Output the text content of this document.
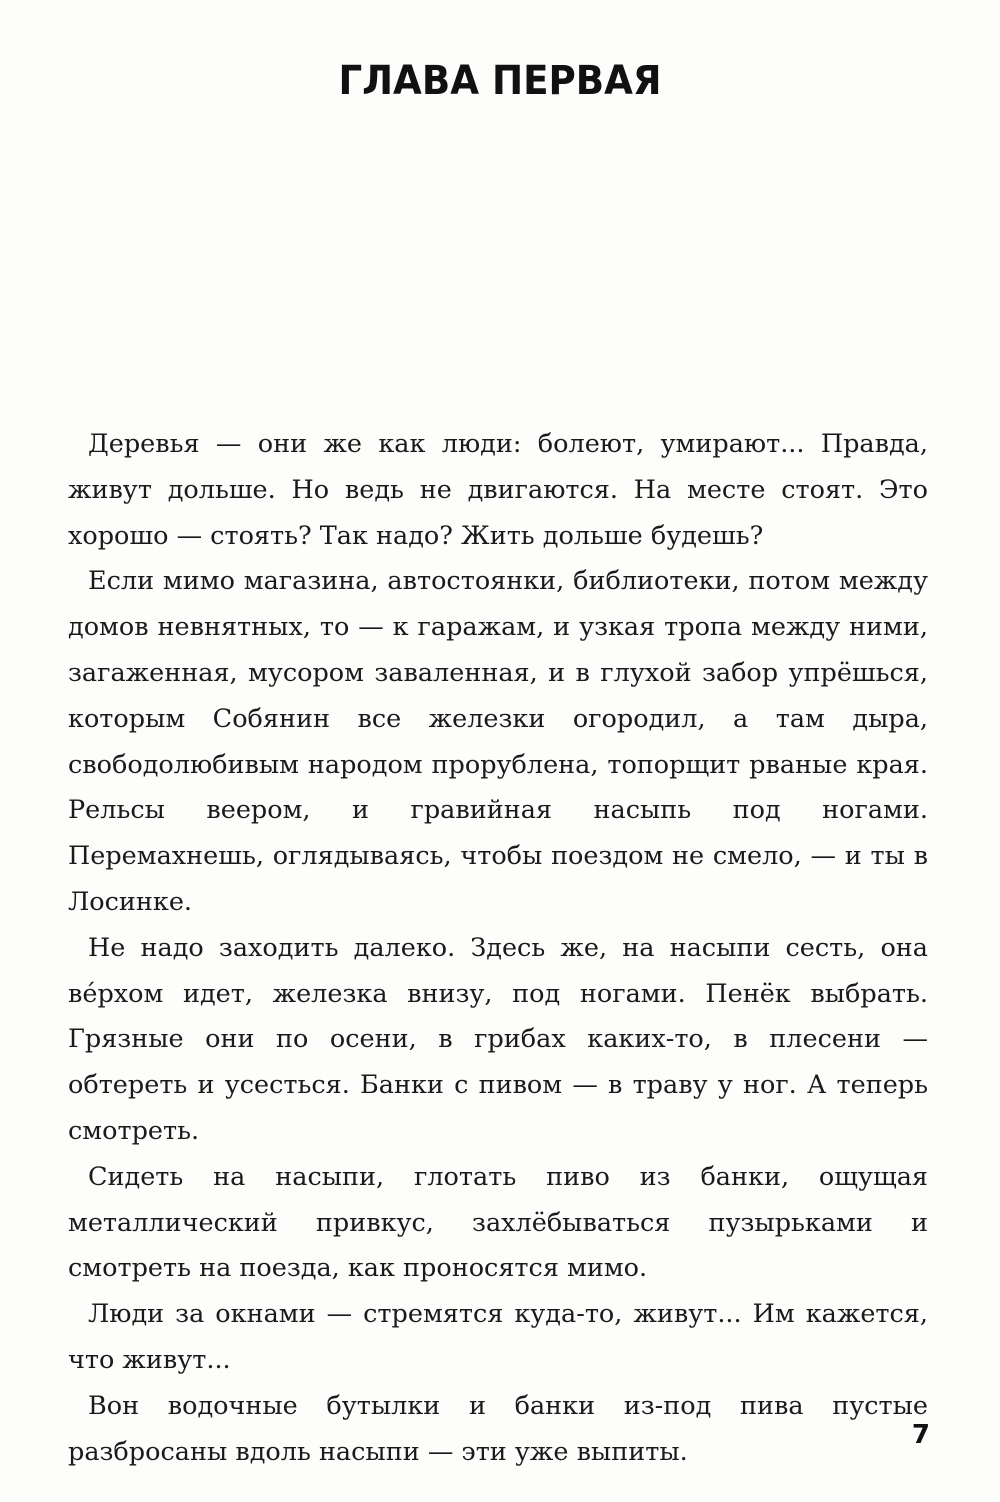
ГЛАВА ПЕРВАЯ

Деревья — они же как люди: болеют, умирают... Правда, живут дольше. Но ведь не двигаются. На месте стоят. Это хорошо — стоять? Так надо? Жить дольше будешь?

Если мимо магазина, автостоянки, библиотеки, потом между домов невнятных, то — к гаражам, и узкая тропа между ними, загаженная, мусором заваленная, и в глухой забор упрёшься, которым Собянин все железки огородил, а там дыра, свободолюбивым народом прорублена, топорщит рваные края. Рельсы веером, и гравийная насыпь под ногами. Перемахнешь, оглядываясь, чтобы поездом не смело, — и ты в Лосинке.

Не надо заходить далеко. Здесь же, на насыпи сесть, она вéрхом идет, железка внизу, под ногами. Пенёк выбрать. Грязные они по осени, в грибах каких-то, в плесени — обтереть и усесться. Банки с пивом — в траву у ног. А теперь смотреть.

Сидеть на насыпи, глотать пиво из банки, ощущая металлический привкус, захлёбываться пузырьками и смотреть на поезда, как проносятся мимо.

Люди за окнами — стремятся куда-то, живут... Им кажется, что живут...

Вон водочные бутылки и банки из-под пива пустые разбросаны вдоль насыпи — эти уже выпиты.

7
